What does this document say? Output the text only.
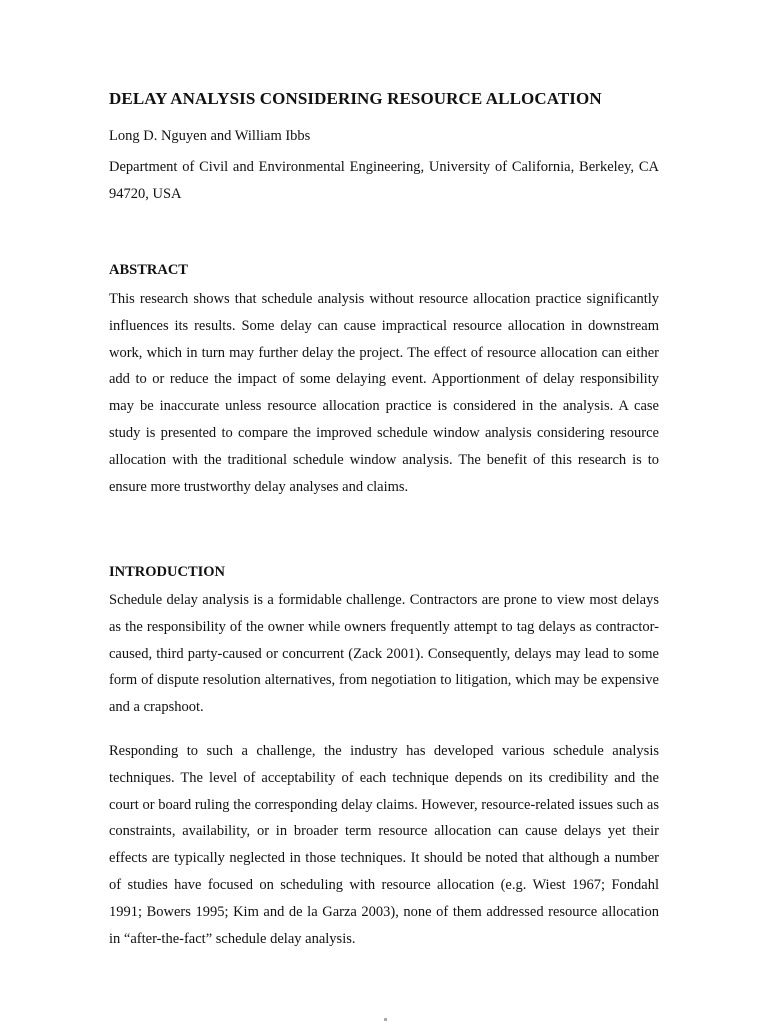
DELAY ANALYSIS CONSIDERING RESOURCE ALLOCATION
Long D. Nguyen and William Ibbs

Department of Civil and Environmental Engineering, University of California, Berkeley, CA 94720, USA

ABSTRACT

This research shows that schedule analysis without resource allocation practice significantly influences its results. Some delay can cause impractical resource allocation in downstream work, which in turn may further delay the project. The effect of resource allocation can either add to or reduce the impact of some delaying event. Apportionment of delay responsibility may be inaccurate unless resource allocation practice is considered in the analysis. A case study is presented to compare the improved schedule window analysis considering resource allocation with the traditional schedule window analysis. The benefit of this research is to ensure more trustworthy delay analyses and claims.

INTRODUCTION

Schedule delay analysis is a formidable challenge. Contractors are prone to view most delays as the responsibility of the owner while owners frequently attempt to tag delays as contractor-caused, third party-caused or concurrent (Zack 2001). Consequently, delays may lead to some form of dispute resolution alternatives, from negotiation to litigation, which may be expensive and a crapshoot.

Responding to such a challenge, the industry has developed various schedule analysis techniques. The level of acceptability of each technique depends on its credibility and the court or board ruling the corresponding delay claims. However, resource-related issues such as constraints, availability, or in broader term resource allocation can cause delays yet their effects are typically neglected in those techniques. It should be noted that although a number of studies have focused on scheduling with resource allocation (e.g. Wiest 1967; Fondahl 1991; Bowers 1995; Kim and de la Garza 2003), none of them addressed resource allocation in “after-the-fact” schedule delay analysis.
